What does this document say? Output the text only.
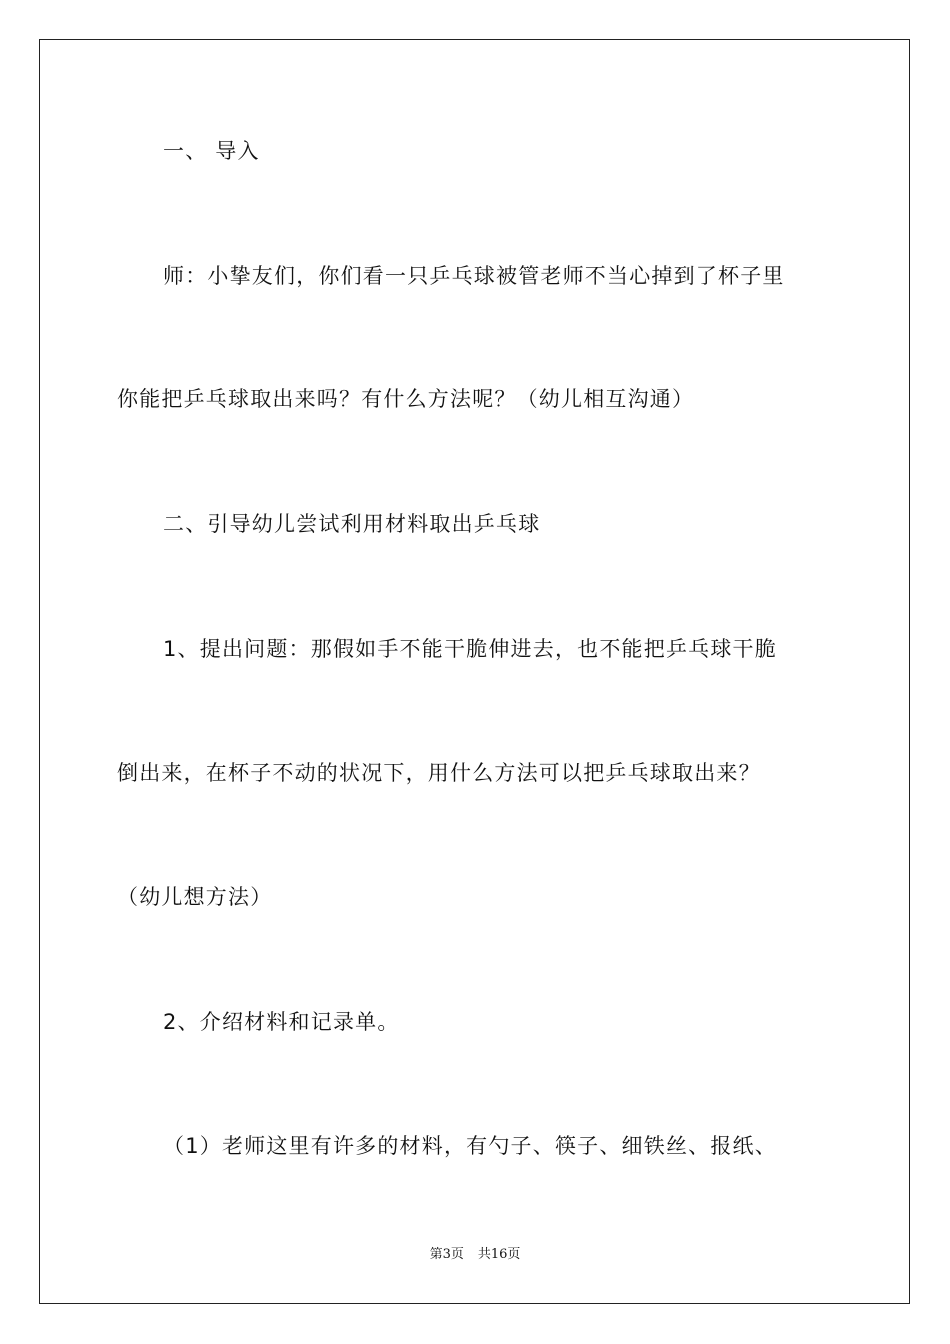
一、 导入
师：小挚友们，你们看一只乒乓球被管老师不当心掉到了杯子里
你能把乒乓球取出来吗？有什么方法呢？（幼儿相互沟通）
二、引导幼儿尝试利用材料取出乒乓球
1、提出问题：那假如手不能干脆伸进去，也不能把乒乓球干脆
倒出来，在杯子不动的状况下，用什么方法可以把乒乓球取出来？
（幼儿想方法）
2、介绍材料和记录单。
（1）老师这里有许多的材料，有勺子、筷子、细铁丝、报纸、
第3页 共16页
